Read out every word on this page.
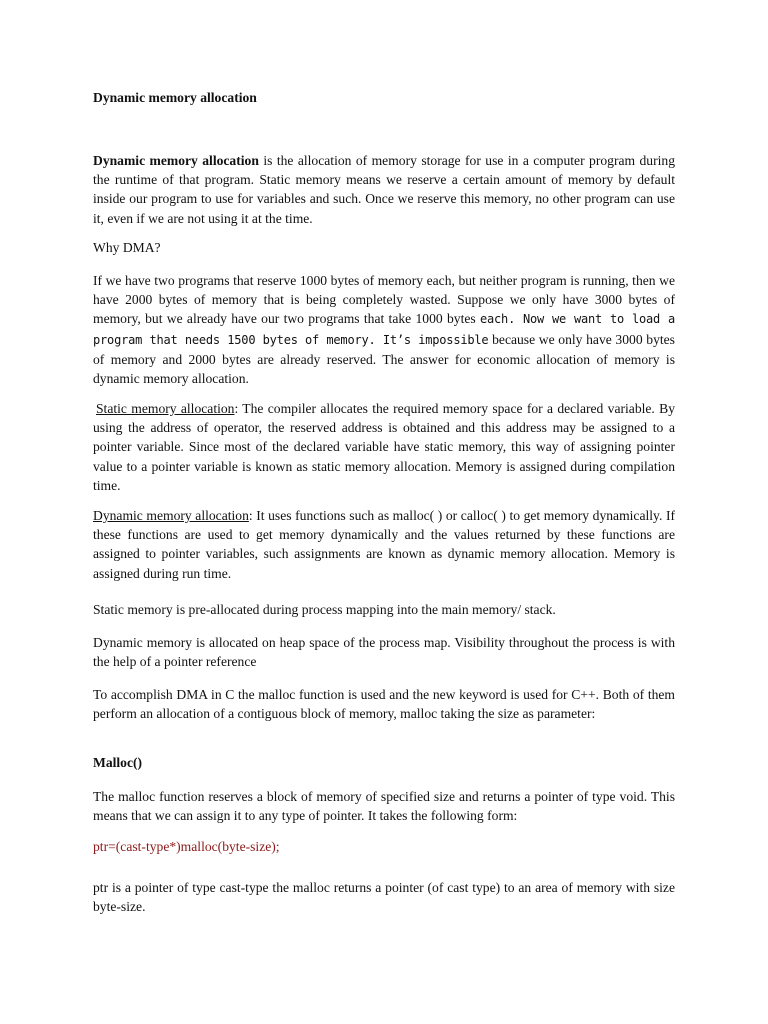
Dynamic memory allocation

Dynamic memory allocation is the allocation of memory storage for use in a computer program during the runtime of that program. Static memory means we reserve a certain amount of memory by default inside our program to use for variables and such. Once we reserve this memory, no other program can use it, even if we are not using it at the time.

Why DMA?

If we have two programs that reserve 1000 bytes of memory each, but neither program is running, then we have 2000 bytes of memory that is being completely wasted. Suppose we only have 3000 bytes of memory, but we already have our two programs that take 1000 bytes each. Now we want to load a program that needs 1500 bytes of memory. It’s impossible because we only have 3000 bytes of memory and 2000 bytes are already reserved. The answer for economic allocation of memory is dynamic memory allocation.

Static memory allocation: The compiler allocates the required memory space for a declared variable. By using the address of operator, the reserved address is obtained and this address may be assigned to a pointer variable. Since most of the declared variable have static memory, this way of assigning pointer value to a pointer variable is known as static memory allocation. Memory is assigned during compilation time.

Dynamic memory allocation: It uses functions such as malloc( ) or calloc( ) to get memory dynamically. If these functions are used to get memory dynamically and the values returned by these functions are assigned to pointer variables, such assignments are known as dynamic memory allocation. Memory is assigned during run time.

Static memory is pre-allocated during process mapping into the main memory/ stack.

Dynamic memory is allocated on heap space of the process map. Visibility throughout the process is with the help of a pointer reference

To accomplish DMA in C the malloc function is used and the new keyword is used for C++. Both of them perform an allocation of a contiguous block of memory, malloc taking the size as parameter:

Malloc()

The malloc function reserves a block of memory of specified size and returns a pointer of type void. This means that we can assign it to any type of pointer. It takes the following form:

ptr=(cast-type*)malloc(byte-size);

ptr is a pointer of type cast-type the malloc returns a pointer (of cast type) to an area of memory with size byte-size.
